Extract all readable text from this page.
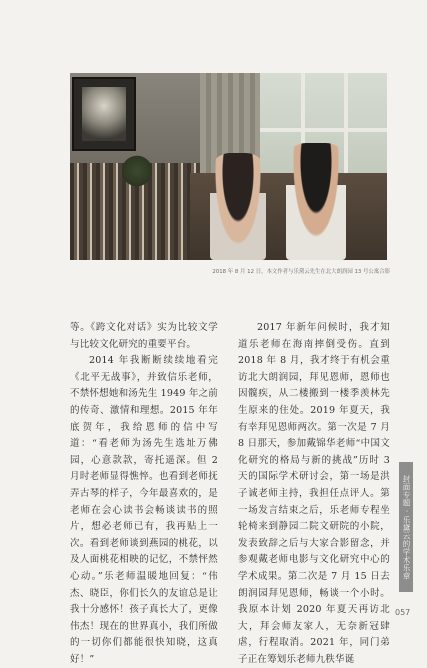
2018 年 8 月 12 日，本文作者与乐黛云先生在北大朗润园 13 号公寓合影

等。《跨文化对话》实为比较文学与比较文化研究的重要平台。

2014 年我断断续续地看完《北平无战事》，并致信乐老师，不禁怀想她和汤先生 1949 年之前的传奇、激情和理想。2015 年年底贺年，我给恩师的信中写道：“看老师为汤先生选址万佛园，心意款款，寄托遥深。但 2 月时老师显得憔悴。也看到老师抚弄古琴的样子，今年最喜欢的，是老师在会心读书会畅谈读书的照片，想必老师已有，我再贴上一次。看到老师谈到燕园的桃花，以及人面桃花相映的记忆，不禁怦然心动。”乐老师温暖地回复：“伟杰、晓臣，你们长久的友谊总是让我十分感怀！孩子真长大了，更像伟杰！现在的世界真小，我们所做的一切你们都能很快知晓，这真好！”

2017 年新年问候时，我才知道乐老师在海南摔倒受伤。直到 2018 年 8 月，我才终于有机会重访北大朗润园，拜见恩师，恩师也因髋疾，从二楼搬到一楼季羡林先生原来的住处。2019 年夏天，我有幸拜见恩师两次。第一次是 7 月 8 日那天，参加戴锦华老师“中国文化研究的格局与新的挑战”历时 3 天的国际学术研讨会，第一场是洪子诚老师主持，我担任点评人。第一场发言结束之后，乐老师专程坐轮椅来到静园二院文研院的小院，发表致辞之后与大家合影留念，并参观戴老师电影与文化研究中心的学术成果。第二次是 7 月 15 日去朗润园拜见恩师，畅谈一个小时。我原本计划 2020 年夏天再访北大，拜会师友家人，无奈新冠肆虐，行程取消。2021 年，同门弟子正在筹划乐老师九秩华诞

封面专题 · 乐黛云的学术乐章
057
